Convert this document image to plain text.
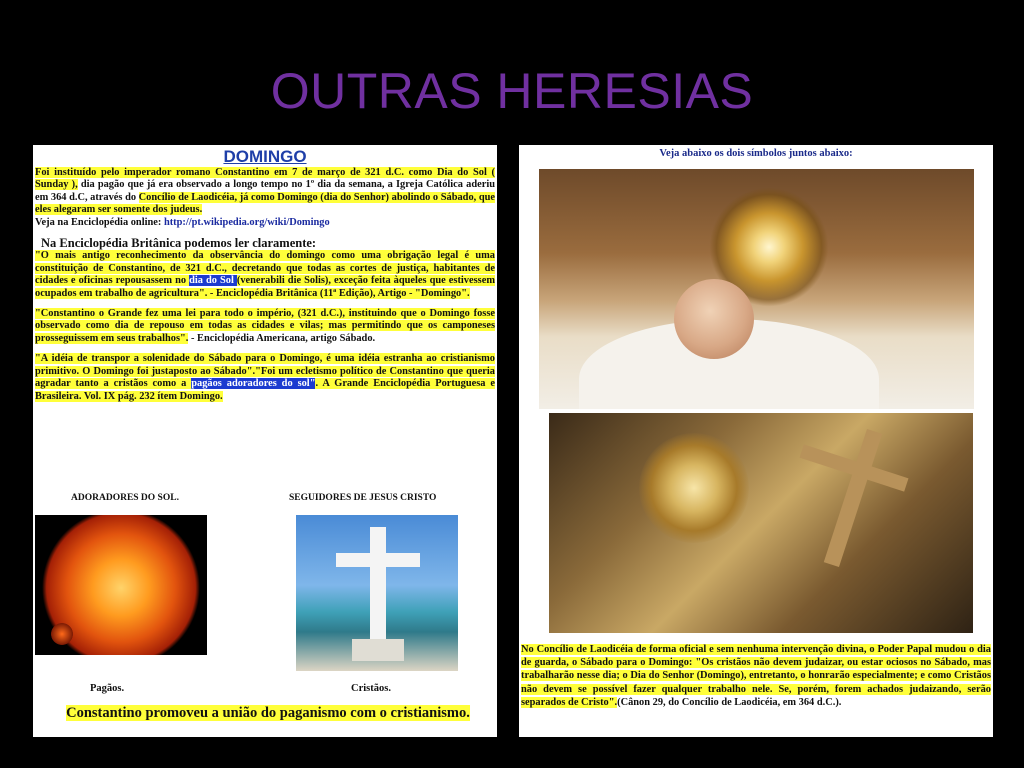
OUTRAS HERESIAS
DOMINGO
Foi instituído pelo imperador romano Constantino em 7 de março de 321 d.C. como Dia do Sol ( Sunday ), dia pagão que já era observado a longo tempo no 1º dia da semana, a Igreja Católica aderiu em 364 d.C, através do Concílio de Laodicéia, já como Domingo (dia do Senhor) abolindo o Sábado, que eles alegaram ser somente dos judeus.
Veja na Enciclopédia online: http://pt.wikipedia.org/wiki/Domingo
Na Enciclopédia Britânica podemos ler claramente:
"O mais antigo reconhecimento da observância do domingo como uma obrigação legal é uma constituição de Constantino, de 321 d.C., decretando que todas as cortes de justiça, habitantes de cidades e oficinas repousassem no dia do Sol (venerabili die Solis), exceção feita àqueles que estivessem ocupados em trabalho de agricultura". - Enciclopédia Britânica (11ª Edição), Artigo - "Domingo".
"Constantino o Grande fez uma lei para todo o império, (321 d.C.), instituindo que o Domingo fosse observado como dia de repouso em todas as cidades e vilas; mas permitindo que os camponeses prosseguissem em seus trabalhos". - Enciclopédia Americana, artigo Sábado.
"A idéia de transpor a solenidade do Sábado para o Domingo, é uma idéia estranha ao cristianismo primitivo. O Domingo foi justaposto ao Sábado"."Foi um ecletismo político de Constantino que queria agradar tanto a cristãos como a pagãos adoradores do sol". A Grande Enciclopédia Portuguesa e Brasileira. Vol. IX pág. 232 ítem Domingo.
ADORADORES DO SOL.	SEGUIDORES DE JESUS CRISTO
Pagãos.	Cristãos.
Constantino promoveu a união do paganismo com o cristianismo.
Veja abaixo os dois símbolos juntos abaixo:
No Concílio de Laodicéia de forma oficial e sem nenhuma intervenção divina, o Poder Papal mudou o dia de guarda, o Sábado para o Domingo: "Os cristãos não devem judaizar, ou estar ociosos no Sábado, mas trabalharão nesse dia; o Dia do Senhor (Domingo), entretanto, o honrarão especialmente; e como Cristãos não devem se possível fazer qualquer trabalho nele. Se, porém, forem achados judaizando, serão separados de Cristo".(Cânon 29, do Concílio de Laodicéia, em 364 d.C.).
